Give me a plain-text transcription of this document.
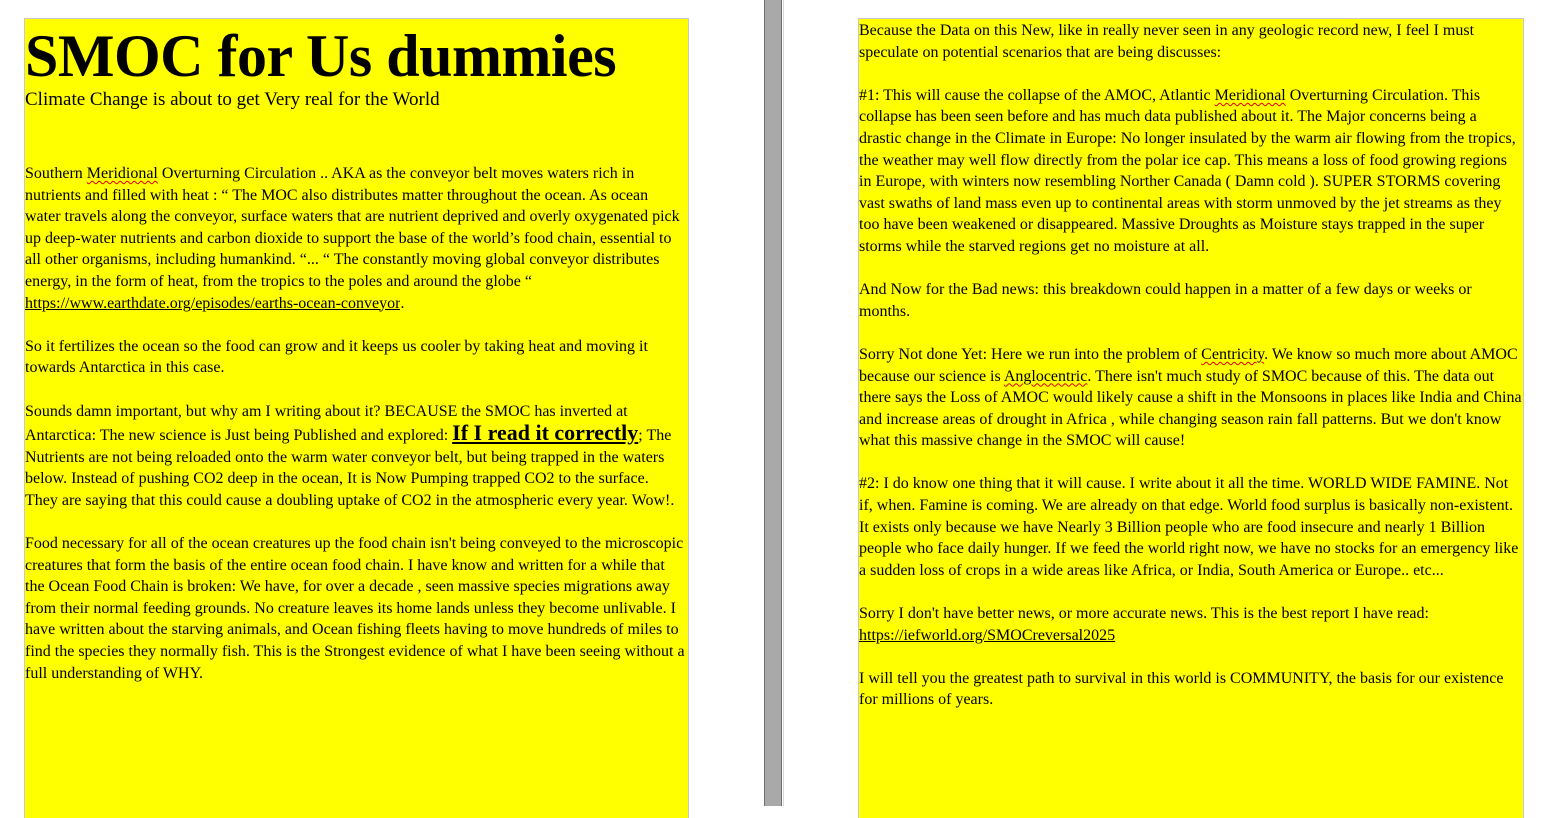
SMOC for Us dummies
Climate Change is about to get Very real for the World

Southern Meridional Overturning Circulation .. AKA as the conveyor belt moves waters rich in nutrients and filled with heat : “ The MOC also distributes matter throughout the ocean. As ocean water travels along the conveyor, surface waters that are nutrient deprived and overly oxygenated pick up deep-water nutrients and carbon dioxide to support the base of the world’s food chain, essential to all other organisms, including humankind. “... “ The constantly moving global conveyor distributes energy, in the form of heat, from the tropics to the poles and around the globe “ https://www.earthdate.org/episodes/earths-ocean-conveyor.

So it fertilizes the ocean so the food can grow and it keeps us cooler by taking heat and moving it towards Antarctica in this case.

Sounds damn important, but why am I writing about it? BECAUSE the SMOC has inverted at Antarctica: The new science is Just being Published and explored: If I read it correctly; The Nutrients are not being reloaded onto the warm water conveyor belt, but being trapped in the waters below. Instead of pushing CO2 deep in the ocean, It is Now Pumping trapped CO2 to the surface. They are saying that this could cause a doubling uptake of CO2 in the atmospheric every year. Wow!.

Food necessary for all of the ocean creatures up the food chain isn't being conveyed to the microscopic creatures that form the basis of the entire ocean food chain. I have know and written for a while that the Ocean Food Chain is broken: We have, for over a decade , seen massive species migrations away from their normal feeding grounds. No creature leaves its home lands unless they become unlivable. I have written about the starving animals, and Ocean fishing fleets having to move hundreds of miles to find the species they normally fish. This is the Strongest evidence of what I have been seeing without a full understanding of WHY.

Because the Data on this New, like in really never seen in any geologic record new, I feel I must speculate on potential scenarios that are being discusses:

#1: This will cause the collapse of the AMOC, Atlantic Meridional Overturning Circulation. This collapse has been seen before and has much data published about it. The Major concerns being a drastic change in the Climate in Europe: No longer insulated by the warm air flowing from the tropics, the weather may well flow directly from the polar ice cap. This means a loss of food growing regions in Europe, with winters now resembling Norther Canada ( Damn cold ). SUPER STORMS covering vast swaths of land mass even up to continental areas with storm unmoved by the jet streams as they too have been weakened or disappeared. Massive Droughts as Moisture stays trapped in the super storms while the starved regions get no moisture at all.

And Now for the Bad news: this breakdown could happen in a matter of a few days or weeks or months.

Sorry Not done Yet: Here we run into the problem of Centricity. We know so much more about AMOC because our science is Anglocentric. There isn't much study of SMOC because of this. The data out there says the Loss of AMOC would likely cause a shift in the Monsoons in places like India and China and increase areas of drought in Africa , while changing season rain fall patterns. But we don't know what this massive change in the SMOC will cause!

#2: I do know one thing that it will cause. I write about it all the time. WORLD WIDE FAMINE. Not if, when. Famine is coming. We are already on that edge. World food surplus is basically non-existent. It exists only because we have Nearly 3 Billion people who are food insecure and nearly 1 Billion people who face daily hunger. If we feed the world right now, we have no stocks for an emergency like a sudden loss of crops in a wide areas like Africa, or India, South America or Europe.. etc...

Sorry I don't have better news, or more accurate news. This is the best report I have read: https://iefworld.org/SMOCreversal2025

I will tell you the greatest path to survival in this world is COMMUNITY, the basis for our existence for millions of years.
